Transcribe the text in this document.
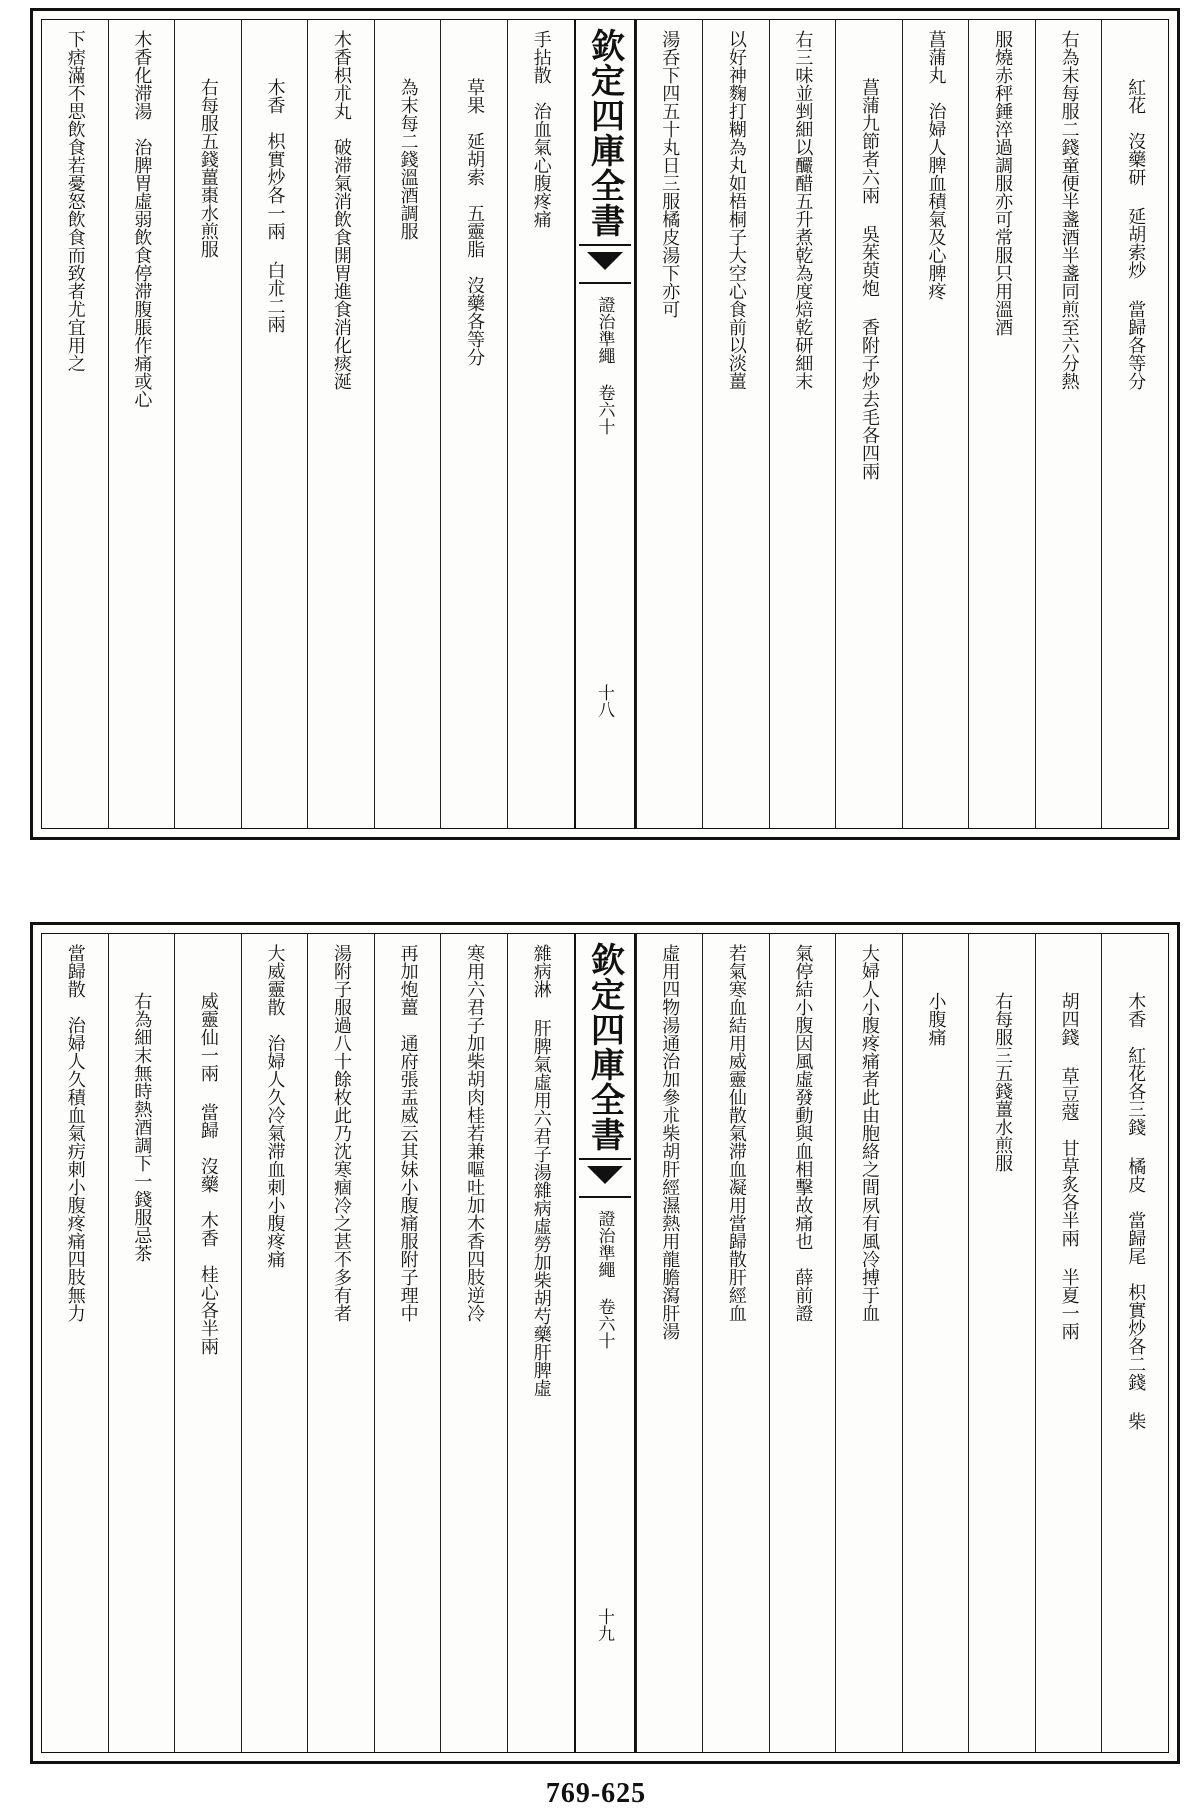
紅花　沒藥研 延胡索炒 當歸各等分
右為末每服二錢童便半盞酒半盞同煎至六分熱
服燒赤秤錘淬過調服亦可常服只用溫酒
菖蒲丸　治婦人脾血積氣及心脾疼
菖蒲九節者六兩 吳茱萸炮 香附子炒去毛各四兩
右三味並剉細以釅醋五升煮乾為度焙乾研細末
以好神麴打糊為丸如梧桐子大空心食前以淡薑
湯呑下四五十丸日三服橘皮湯下亦可
欽定四庫全書
證治準繩 卷六十
十八
手拈散　治血氣心腹疼痛
草果　延胡索　五靈脂　沒藥各等分
為末每二錢溫酒調服
木香枳朮丸　破滞氣消飲食開胃進食消化痰涎
木香　枳實炒各一兩 白朮二兩
右每服五錢薑棗水煎服
木香化滞湯　治脾胃虛弱飲食停滞腹脹作痛或心
下痞滿不思飲食若憂怒飲食而致者尤宜用之
木香　紅花各三錢 橘皮　當歸尾　枳實炒各二錢 柴
胡四錢 草豆蔻　甘草炙各半兩 半夏一兩
右每服三五錢薑水煎服
小腹痛
大婦人小腹疼痛者此由胞絡之間夙有風冷搏于血
氣停結小腹因風虛發動與血相擊故痛也　薛前證
若氣寒血結用威靈仙散氣滞血凝用當歸散肝經血
虛用四物湯通治加參朮柴胡肝經濕熱用龍膽瀉肝湯
欽定四庫全書
證治準繩 卷六十
十九
雜病淋 肝脾氣虛用六君子湯雜病虛勞加柴胡芍藥肝脾虛
寒用六君子加柴胡肉桂若兼嘔吐加木香四肢逆冷
再加炮薑　通府張盂威云其妹小腹痛服附子理中
湯附子服過八十餘枚此乃沈寒痼冷之甚不多有者
大威靈散　治婦人久冷氣滞血刺小腹疼痛
威靈仙一兩 當歸　沒藥　木香　桂心各半兩
右為細末無時熱酒調下一錢服忌茶
當歸散　治婦人久積血氣疠刺小腹疼痛四肢無力
769-625
